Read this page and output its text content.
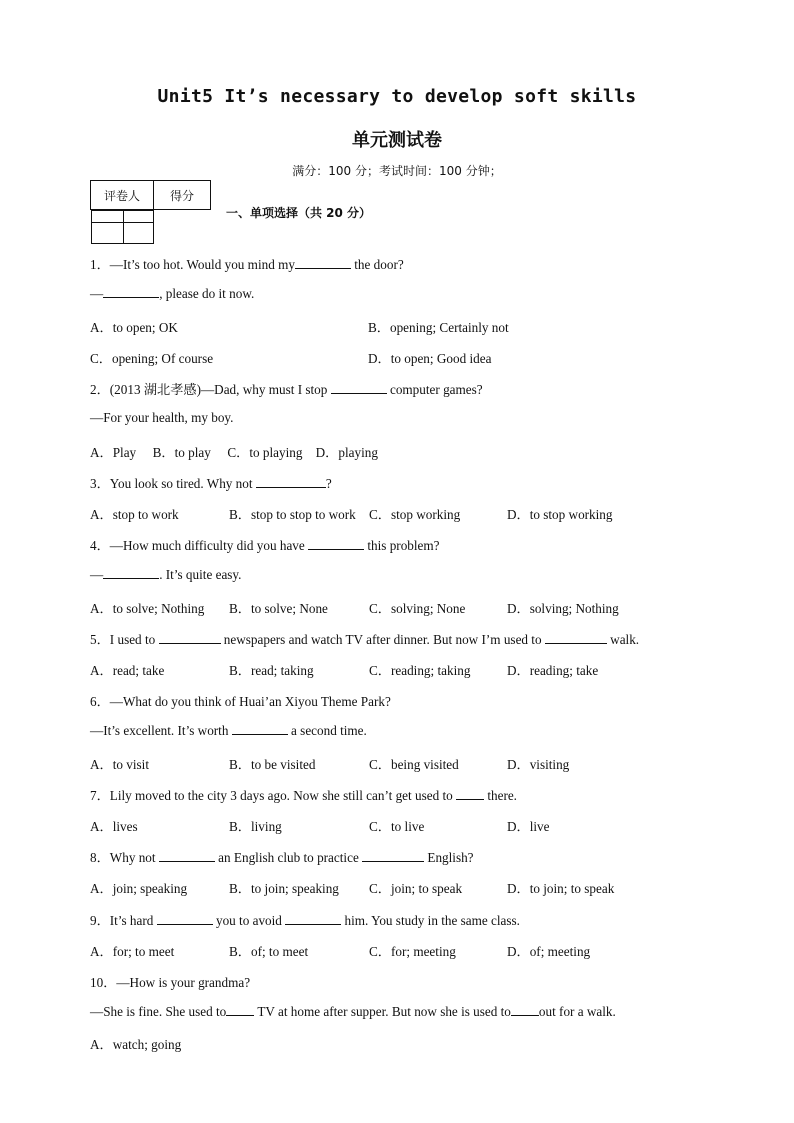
Unit5 It’s necessary to develop soft skills
单元测试卷
满分：100 分；考试时间：100 分钟；
评卷人	得分

一、单项选择（共 20 分）
1．—It’s too hot. Would you mind my	the door?
—	, please do it now.
A．to open; OK	B．opening; Certainly not
C．opening; Of course	D．to open; Good idea
2．(2013 湖北孝感)—Dad, why must I stop	computer games?
—For your health, my boy.
A．Play　 B．to play　 C．to playing　D．playing
3．You look so tired. Why not	?
A．stop to work	B．stop to stop to work C．stop working	D．to stop working
4．—How much difficulty did you have	this problem?
—	. It’s quite easy.
A．to solve; Nothing B．to solve; None	C．solving; None	D．solving; Nothing
5．I used to	newspapers and watch TV after dinner. But now I’m used to	walk.
A．read; take	B．read; taking	C．reading; taking	D．reading; take
6．—What do you think of Huai’an Xiyou Theme Park?
—It’s excellent. It’s worth	a second time.
A．to visit	B．to be visited	C．being visited	D．visiting
7．Lily moved to the city 3 days ago. Now she still can’t get used to  there.
A．lives	B．living	C．to live	D．live
8．Why not	an English club to practice	English?
A．join; speaking	B．to join; speaking C．join; to speak	D．to join; to speak
9．It’s hard	you to avoid	him. You study in the same class.
A．for; to meet	B．of; to meet	C．for; meeting	D．of; meeting
10．—How is your grandma?
—She is fine. She used to TV at home after supper. But now she is used to out for a walk.
A．watch; going
